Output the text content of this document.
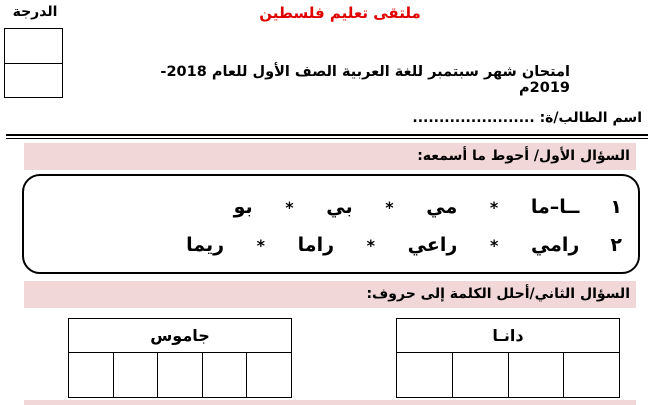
ملتقى تعليم فلسطين
الدرجة
امتحان شهر سبتمبر للغة العربية الصف الأول للعام 2018-2019م
اسم الطالب/ة: .......................
السؤال الأول/ أحوط ما أسمعه:
١ ــا–ما * مي * بي * بو
٢ رامي * راعي * راما * ريما
السؤال الثاني/أحلل الكلمة إلى حروف:
دانـا
جاموس
